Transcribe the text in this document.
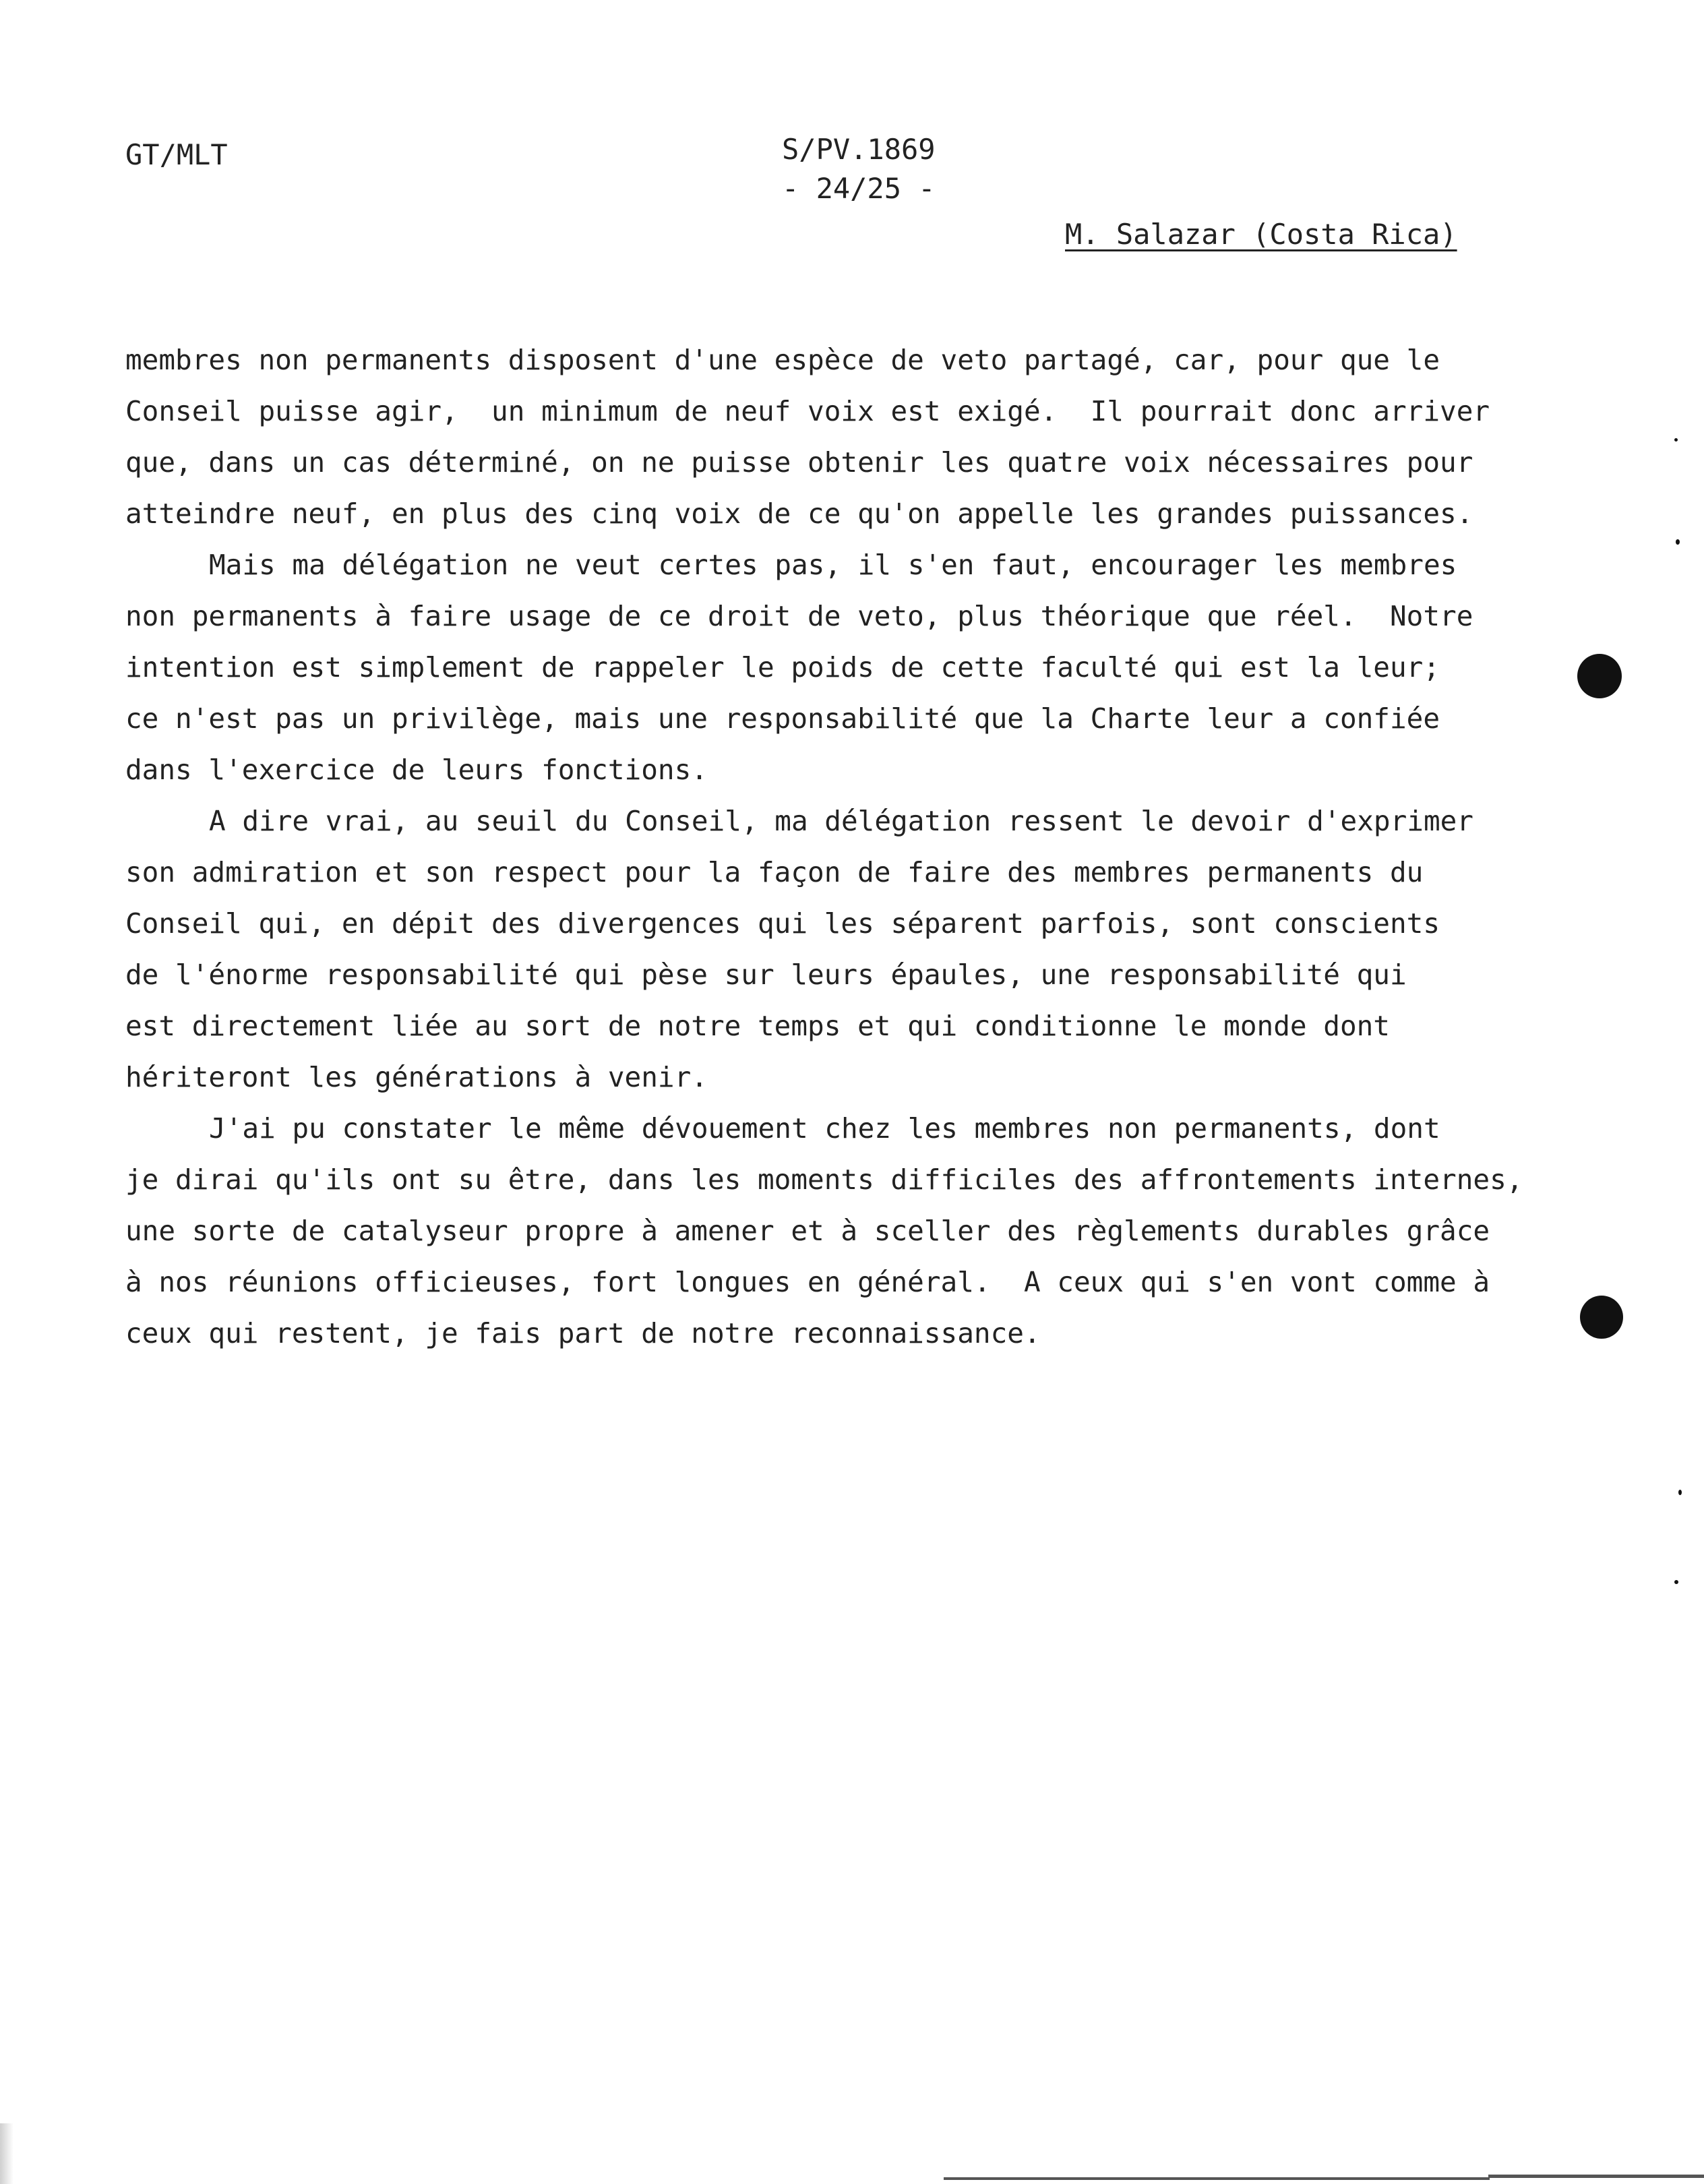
GT/MLT	S/PV.1869
- 24/25 -
M. Salazar (Costa Rica)
membres non permanents disposent d'une espèce de veto partagé, car, pour que le
Conseil puisse agir,  un minimum de neuf voix est exigé.  Il pourrait donc arriver
que, dans un cas déterminé, on ne puisse obtenir les quatre voix nécessaires pour
atteindre neuf, en plus des cinq voix de ce qu'on appelle les grandes puissances.
Mais ma délégation ne veut certes pas, il s'en faut, encourager les membres
non permanents à faire usage de ce droit de veto, plus théorique que réel.  Notre
intention est simplement de rappeler le poids de cette faculté qui est la leur;
ce n'est pas un privilège, mais une responsabilité que la Charte leur a confiée
dans l'exercice de leurs fonctions.
A dire vrai, au seuil du Conseil, ma délégation ressent le devoir d'exprimer
son admiration et son respect pour la façon de faire des membres permanents du
Conseil qui, en dépit des divergences qui les séparent parfois, sont conscients
de l'énorme responsabilité qui pèse sur leurs épaules, une responsabilité qui
est directement liée au sort de notre temps et qui conditionne le monde dont
hériteront les générations à venir.
J'ai pu constater le même dévouement chez les membres non permanents, dont
je dirai qu'ils ont su être, dans les moments difficiles des affrontements internes,
une sorte de catalyseur propre à amener et à sceller des règlements durables grâce
à nos réunions officieuses, fort longues en général.  A ceux qui s'en vont comme à
ceux qui restent, je fais part de notre reconnaissance.
